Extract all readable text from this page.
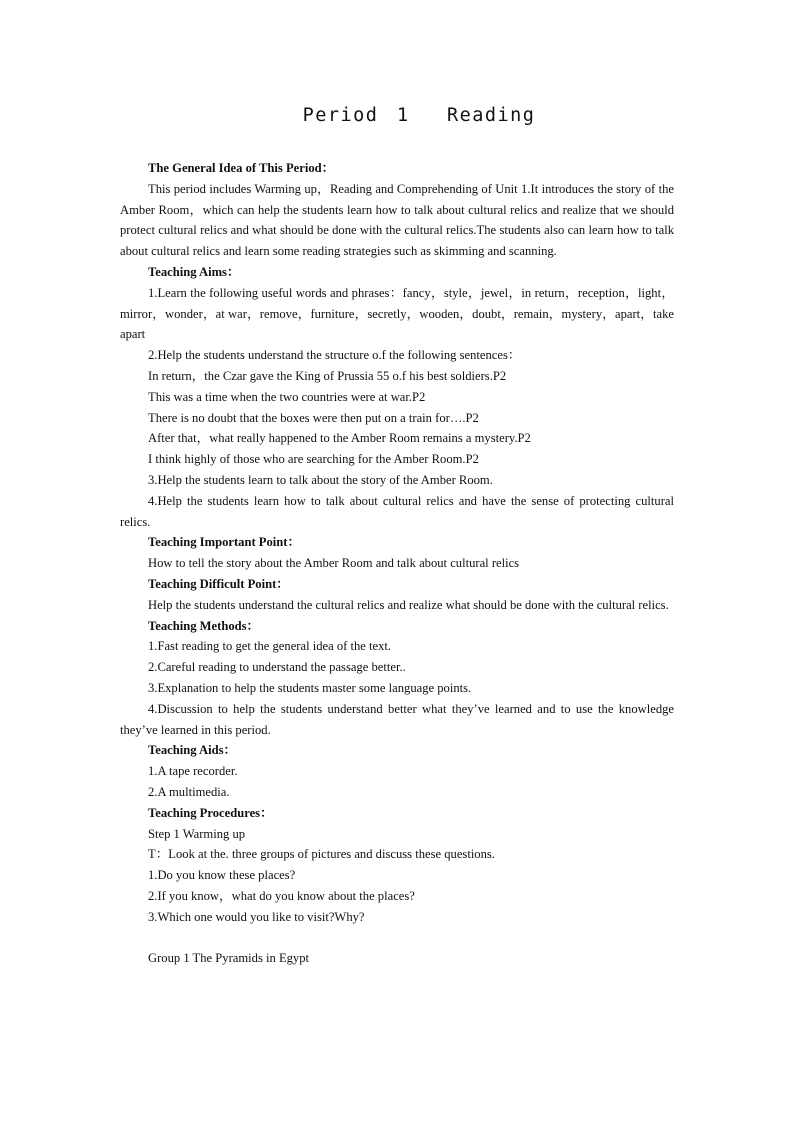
Period 1  Reading

The General Idea of This Period：

This period includes Warming up，Reading and Comprehending of Unit 1.It introduces the story of the Amber Room，which can help the students learn how to talk about cultural relics and realize that we should protect cultural relics and what should be done with the cultural relics.The students also can learn how to talk about cultural relics and learn some reading strategies such as skimming and scanning.

Teaching Aims：

1.Learn the following useful words and phrases：fancy，style，jewel，in return，reception，light，mirror，wonder，at war，remove，furniture，secretly，wooden，doubt，remain，mystery，apart，take apart

2.Help the students understand the structure o.f the following sentences：

In return，the Czar gave the King of Prussia 55 o.f his best soldiers.P2

This was a time when the two countries were at war.P2

There is no doubt that the boxes were then put on a train for….P2

After that，what really happened to the Amber Room remains a mystery.P2

I think highly of those who are searching for the Amber Room.P2

3.Help the students learn to talk about the story of the Amber Room.

4.Help the students learn how to talk about cultural relics and have the sense of protecting cultural relics.

Teaching Important Point：

How to tell the story about the Amber Room and talk about cultural relics

Teaching Difficult Point：

Help the students understand the cultural relics and realize what should be done with the cultural relics.

Teaching Methods：

1.Fast reading to get the general idea of the text.

2.Careful reading to understand the passage better..

3.Explanation to help the students master some language points.

4.Discussion to help the students understand better what they’ve learned and to use the knowledge they’ve learned in this period.

Teaching Aids：

1.A tape recorder.

2.A multimedia.

Teaching Procedures：

Step 1 Warming up

T：Look at the. three groups of pictures and discuss these questions.

1.Do you know these places?

2.If you know，what do you know about the places?

3.Which one would you like to visit?Why?

Group 1 The Pyramids in Egypt
